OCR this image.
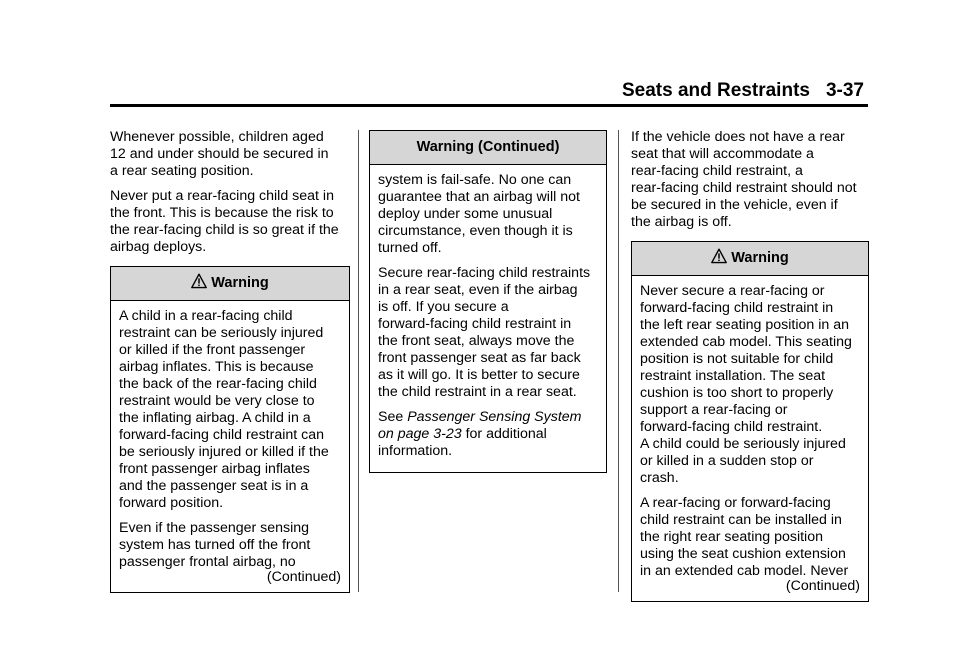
Seats and Restraints 3-37

Whenever possible, children aged
12 and under should be secured in
a rear seating position.

Never put a rear-facing child seat in
the front. This is because the risk to
the rear-facing child is so great if the
airbag deploys.

Warning

A child in a rear-facing child
restraint can be seriously injured
or killed if the front passenger
airbag inflates. This is because
the back of the rear-facing child
restraint would be very close to
the inflating airbag. A child in a
forward-facing child restraint can
be seriously injured or killed if the
front passenger airbag inflates
and the passenger seat is in a
forward position.

Even if the passenger sensing
system has turned off the front
passenger frontal airbag, no

(Continued)
Warning (Continued)

system is fail-safe. No one can
guarantee that an airbag will not
deploy under some unusual
circumstance, even though it is
turned off.

Secure rear-facing child restraints
in a rear seat, even if the airbag
is off. If you secure a
forward-facing child restraint in
the front seat, always move the
front passenger seat as far back
as it will go. It is better to secure
the child restraint in a rear seat.

See Passenger Sensing System
on page 3-23 for additional
information.

If the vehicle does not have a rear
seat that will accommodate a
rear-facing child restraint, a
rear-facing child restraint should not
be secured in the vehicle, even if
the airbag is off.

Warning

Never secure a rear-facing or
forward-facing child restraint in
the left rear seating position in an
extended cab model. This seating
position is not suitable for child
restraint installation. The seat
cushion is too short to properly
support a rear-facing or
forward-facing child restraint.
A child could be seriously injured
or killed in a sudden stop or
crash.

A rear-facing or forward-facing
child restraint can be installed in
the right rear seating position
using the seat cushion extension
in an extended cab model. Never

(Continued)
